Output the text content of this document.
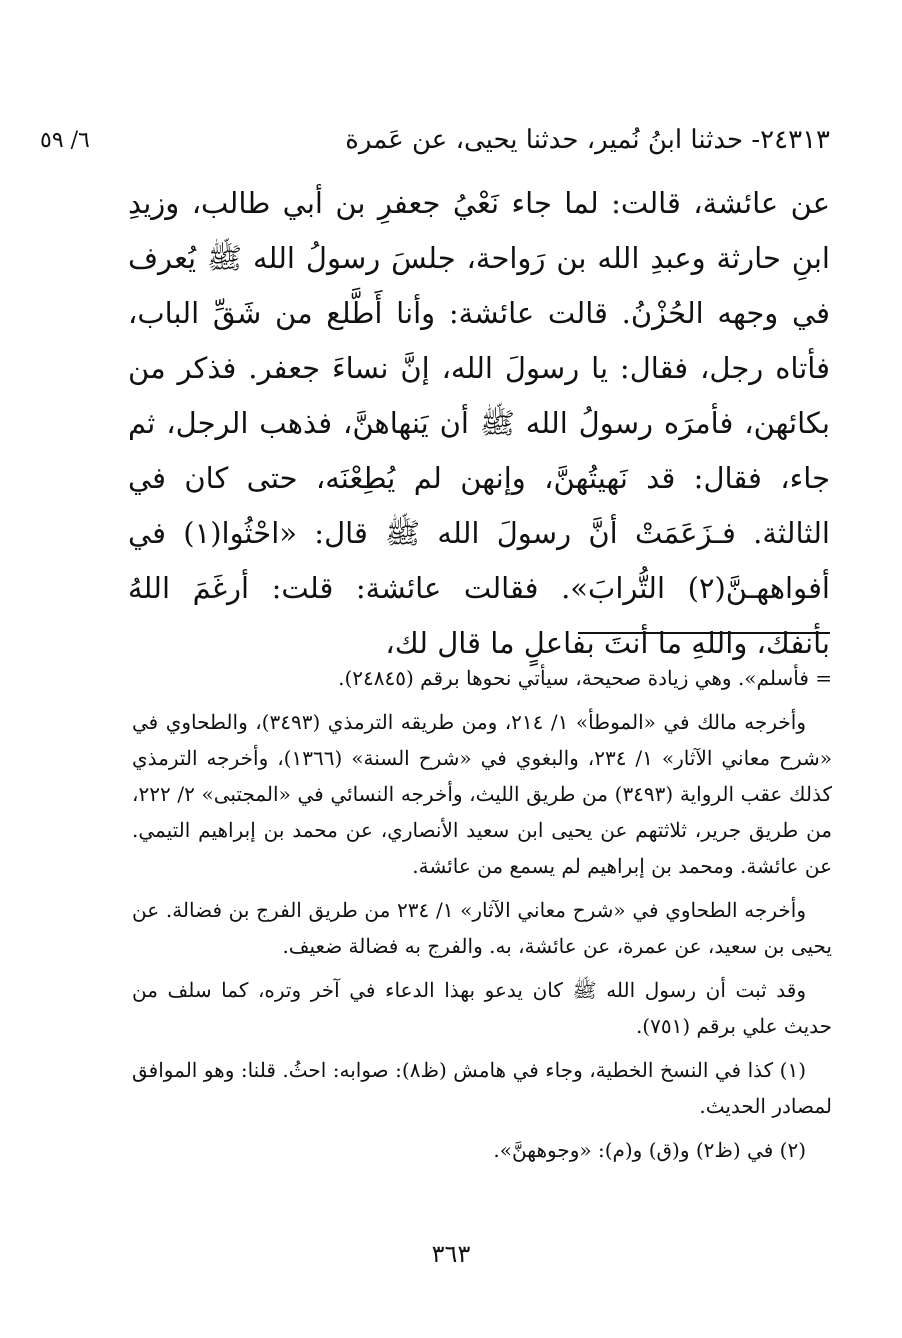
٢٤٣١٣- حدثنا ابنُ نُمير، حدثنا يحيى، عن عَمرة
٦/ ٥٩

عن عائشة، قالت: لما جاء نَعْيُ جعفرِ بن أبي طالب، وزيدِ ابنِ حارثة وعبدِ الله بن رَواحة، جلسَ رسولُ الله ﷺ يُعرف في وجهه الحُزْنُ. قالت عائشة: وأنا أَطَّلع من شَقِّ الباب، فأتاه رجل، فقال: يا رسولَ الله، إنَّ نساءَ جعفر. فذكر من بكائهن، فأمرَه رسولُ الله ﷺ أن يَنهاهنَّ، فذهب الرجل، ثم جاء، فقال: قد نَهيتُهنَّ، وإنهن لم يُطِعْنَه، حتى كان في الثالثة. فـزَعَمَتْ أنَّ رسولَ الله ﷺ قال: «احْثُوا(١) في أفواههـنَّ(٢) التُّرابَ». فقالت عائشة: قلت: أرغَمَ اللهُ بأنفك، واللهِ ما أنتَ بفاعلٍ ما قال لك،

= فأسلم». وهي زيادة صحيحة، سيأتي نحوها برقم (٢٤٨٤٥).

وأخرجه مالك في «الموطأ» ١/ ٢١٤، ومن طريقه الترمذي (٣٤٩٣)، والطحاوي في «شرح معاني الآثار» ١/ ٢٣٤، والبغوي في «شرح السنة» (١٣٦٦)، وأخرجه الترمذي كذلك عقب الرواية (٣٤٩٣) من طريق الليث، وأخرجه النسائي في «المجتبى» ٢/ ٢٢٢، من طريق جرير، ثلاثتهم عن يحيى ابن سعيد الأنصاري، عن محمد بن إبراهيم التيمي. عن عائشة. ومحمد بن إبراهيم لم يسمع من عائشة.

وأخرجه الطحاوي في «شرح معاني الآثار» ١/ ٢٣٤ من طريق الفرج بن فضالة. عن يحيى بن سعيد، عن عمرة، عن عائشة، به. والفرج به فضالة ضعيف.

وقد ثبت أن رسول الله ﷺ كان يدعو بهذا الدعاء في آخر وتره، كما سلف من حديث علي برقم (٧٥١).

(١) كذا في النسخ الخطية، وجاء في هامش (ظ٨): صوابه: احثُ. قلنا: وهو الموافق لمصادر الحديث.

(٢) في (ظ٢) و(ق) و(م): «وجوههنَّ».

٣٦٣
